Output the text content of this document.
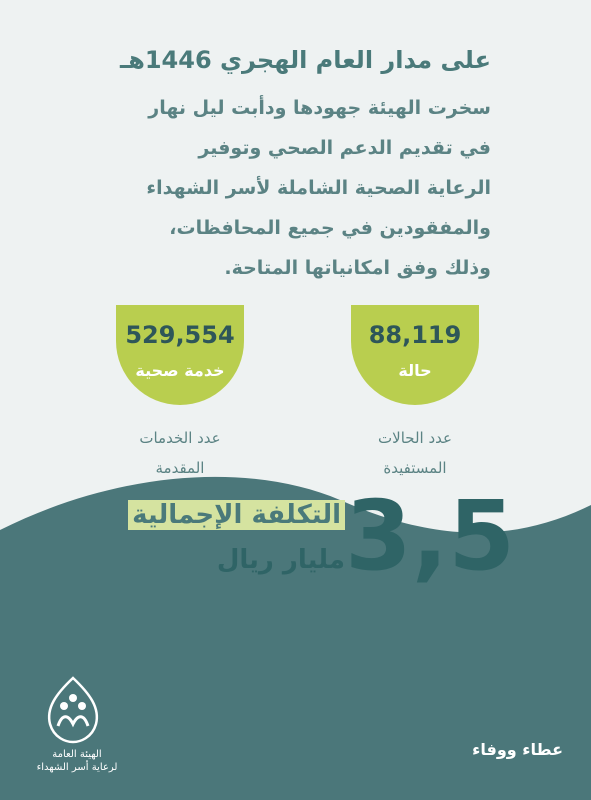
على مدار العام الهجري 1446هـ
سخرت الهيئة جهودها ودأبت ليل نهار
في تقديم الدعم الصحي وتوفير
الرعاية الصحية الشاملة لأسر الشهداء
والمفقودين في جميع المحافظات،
وذلك وفق امكانياتها المتاحة.
529,554
خدمة صحية
عدد الخدمات
المقدمة
88,119
حالة
عدد الحالات
المستفيدة
التكلفة الإجمالية
مليار ريال 3,5
الهيئة العامة
لرعاية أسر الشهداء
عطاء ووفاء
